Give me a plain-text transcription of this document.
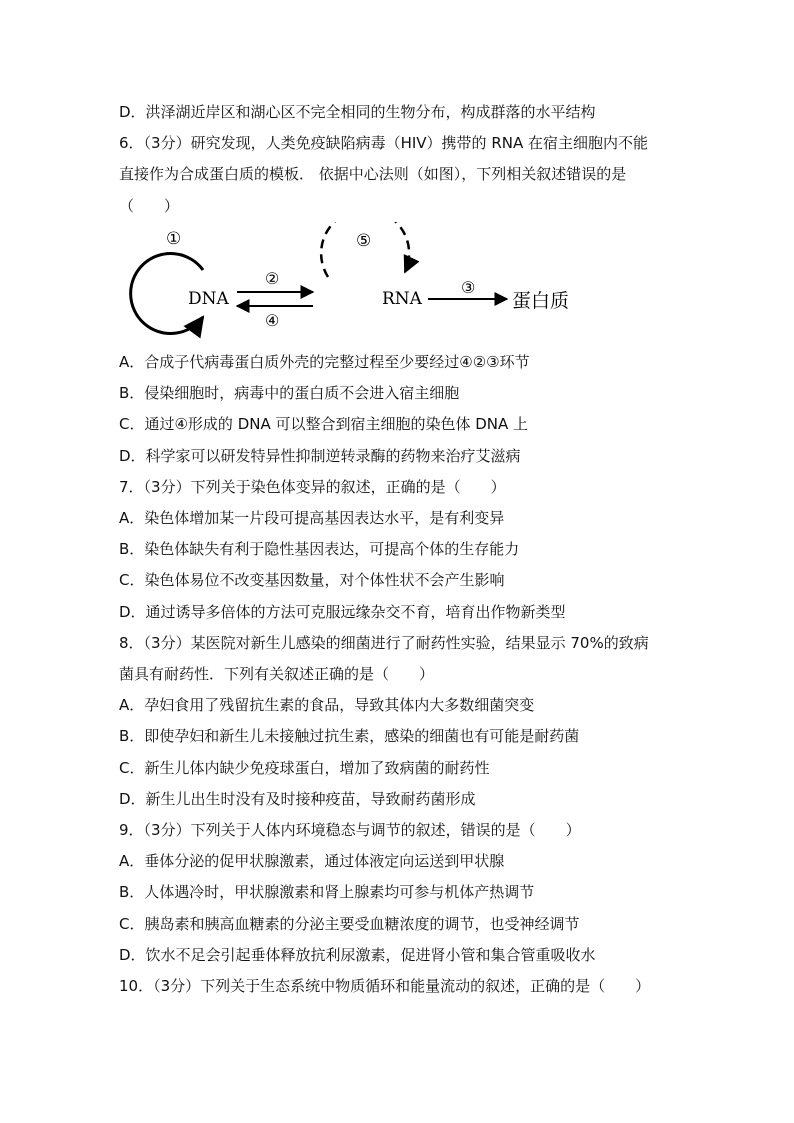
D．洪泽湖近岸区和湖心区不完全相同的生物分布，构成群落的水平结构
6．（3分）研究发现，人类免疫缺陷病毒（HIV）携带的 RNA 在宿主细胞内不能
直接作为合成蛋白质的模板． 依据中心法则（如图），下列相关叙述错误的是
（　　）
①
DNA
②
④
⑤
RNA
③
蛋白质
A．合成子代病毒蛋白质外壳的完整过程至少要经过④②③环节
B．侵染细胞时，病毒中的蛋白质不会进入宿主细胞
C．通过④形成的 DNA 可以整合到宿主细胞的染色体 DNA 上
D．科学家可以研发特异性抑制逆转录酶的药物来治疗艾滋病
7．（3分）下列关于染色体变异的叙述，正确的是（　　）
A．染色体增加某一片段可提高基因表达水平，是有利变异
B．染色体缺失有利于隐性基因表达，可提高个体的生存能力
C．染色体易位不改变基因数量，对个体性状不会产生影响
D．通过诱导多倍体的方法可克服远缘杂交不育，培育出作物新类型
8．（3分）某医院对新生儿感染的细菌进行了耐药性实验，结果显示 70%的致病
菌具有耐药性．下列有关叙述正确的是（　　）
A．孕妇食用了残留抗生素的食品，导致其体内大多数细菌突变
B．即使孕妇和新生儿未接触过抗生素，感染的细菌也有可能是耐药菌
C．新生儿体内缺少免疫球蛋白，增加了致病菌的耐药性
D．新生儿出生时没有及时接种疫苗，导致耐药菌形成
9．（3分）下列关于人体内环境稳态与调节的叙述，错误的是（　　）
A．垂体分泌的促甲状腺激素，通过体液定向运送到甲状腺
B．人体遇冷时，甲状腺激素和肾上腺素均可参与机体产热调节
C．胰岛素和胰高血糖素的分泌主要受血糖浓度的调节，也受神经调节
D．饮水不足会引起垂体释放抗利尿激素，促进肾小管和集合管重吸收水
10．（3分）下列关于生态系统中物质循环和能量流动的叙述，正确的是（　　）
